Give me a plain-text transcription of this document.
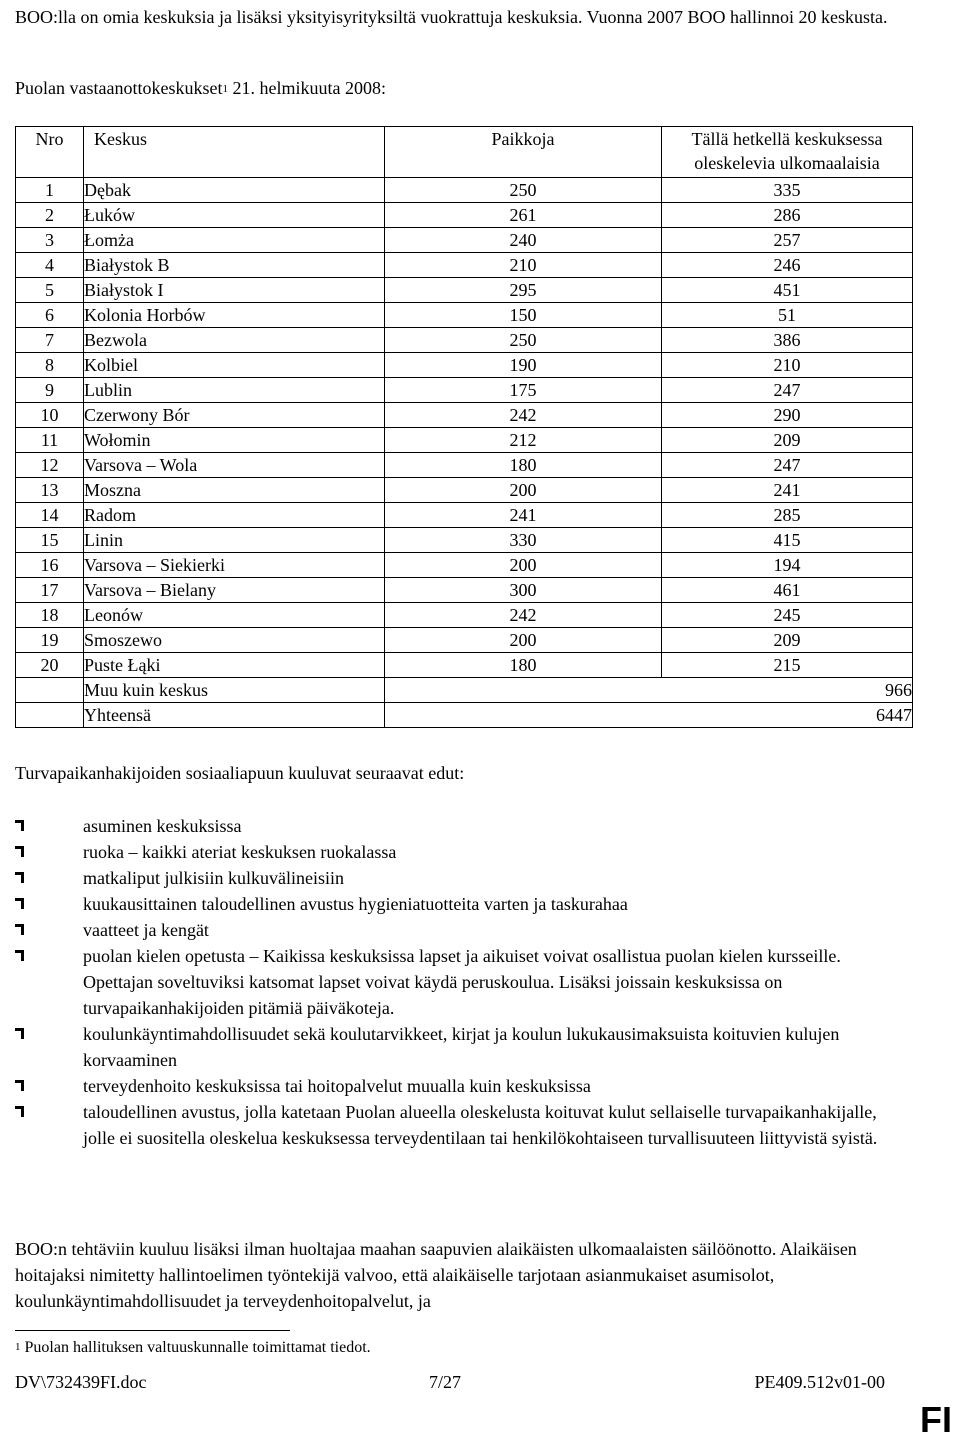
BOO:lla on omia keskuksia ja lisäksi yksityisyrityksiltä vuokrattuja keskuksia. Vuonna 2007 BOO hallinnoi 20 keskusta.
Puolan vastaanottokeskukset$^1$ 21. helmikuuta 2008:
Nro	Keskus	Paikkoja	Tällä hetkellä keskuksessa oleskelevia ulkomaalaisia
1	Dębak	250	335
2	Łuków	261	286
3	Łomża	240	257
4	Białystok B	210	246
5	Białystok I	295	451
6	Kolonia Horbów	150	51
7	Bezwola	250	386
8	Kolbiel	190	210
9	Lublin	175	247
10	Czerwony Bór	242	290
11	Wołomin	212	209
12	Varsova – Wola	180	247
13	Moszna	200	241
14	Radom	241	285
15	Linin	330	415
16	Varsova – Siekierki	200	194
17	Varsova – Bielany	300	461
18	Leonów	242	245
19	Smoszewo	200	209
20	Puste Łąki	180	215
	Muu kuin keskus	966	
	Yhteensä	6447	
Turvapaikanhakijoiden sosiaaliapuun kuuluvat seuraavat edut:
asuminen keskuksissa
ruoka – kaikki ateriat keskuksen ruokalassa
matkaliput julkisiin kulkuvälineisiin
kuukausittainen taloudellinen avustus hygieniatuotteita varten ja taskurahaa
vaatteet ja kengät
puolan kielen opetusta – Kaikissa keskuksissa lapset ja aikuiset voivat osallistua puolan kielen kursseille. Opettajan soveltuviksi katsomat lapset voivat käydä peruskoulua. Lisäksi joissain keskuksissa on turvapaikanhakijoiden pitämiä päiväkoteja.
koulunkäyntimahdollisuudet sekä koulutarvikkeet, kirjat ja koulun lukukausimaksuista koituvien kulujen korvaaminen
terveydenhoito keskuksissa tai hoitopalvelut muualla kuin keskuksissa
taloudellinen avustus, jolla katetaan Puolan alueella oleskelusta koituvat kulut sellaiselle turvapaikanhakijalle, jolle ei suositella oleskelua keskuksessa terveydentilaan tai henkilökohtaiseen turvallisuuteen liittyvistä syistä.
BOO:n tehtäviin kuuluu lisäksi ilman huoltajaa maahan saapuvien alaikäisten ulkomaalaisten säilöönotto. Alaikäisen hoitajaksi nimitetty hallintoelimen työntekijä valvoo, että alaikäiselle tarjotaan asianmukaiset asumisolot, koulunkäyntimahdollisuudet ja terveydenhoitopalvelut, ja
$^1$ Puolan hallituksen valtuuskunnalle toimittamat tiedot.
DV\732439FI.doc	7/27	PE409.512v01-00
FI
